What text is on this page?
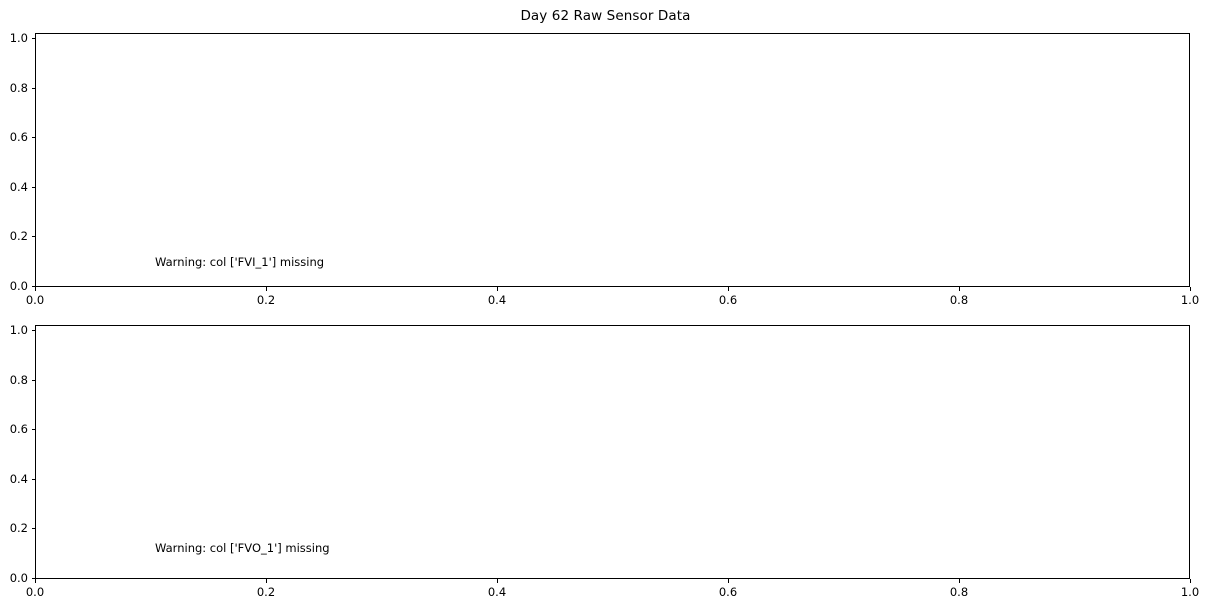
Day 62 Raw Sensor Data
0.0
0.2
0.4
0.6
0.8
1.0
0.0	0.2	0.4	0.6	0.8	1.0
Warning: col ['FVI_1'] missing
0.0
0.2
0.4
0.6
0.8
1.0
0.0	0.2	0.4	0.6	0.8	1.0
Warning: col ['FVO_1'] missing
